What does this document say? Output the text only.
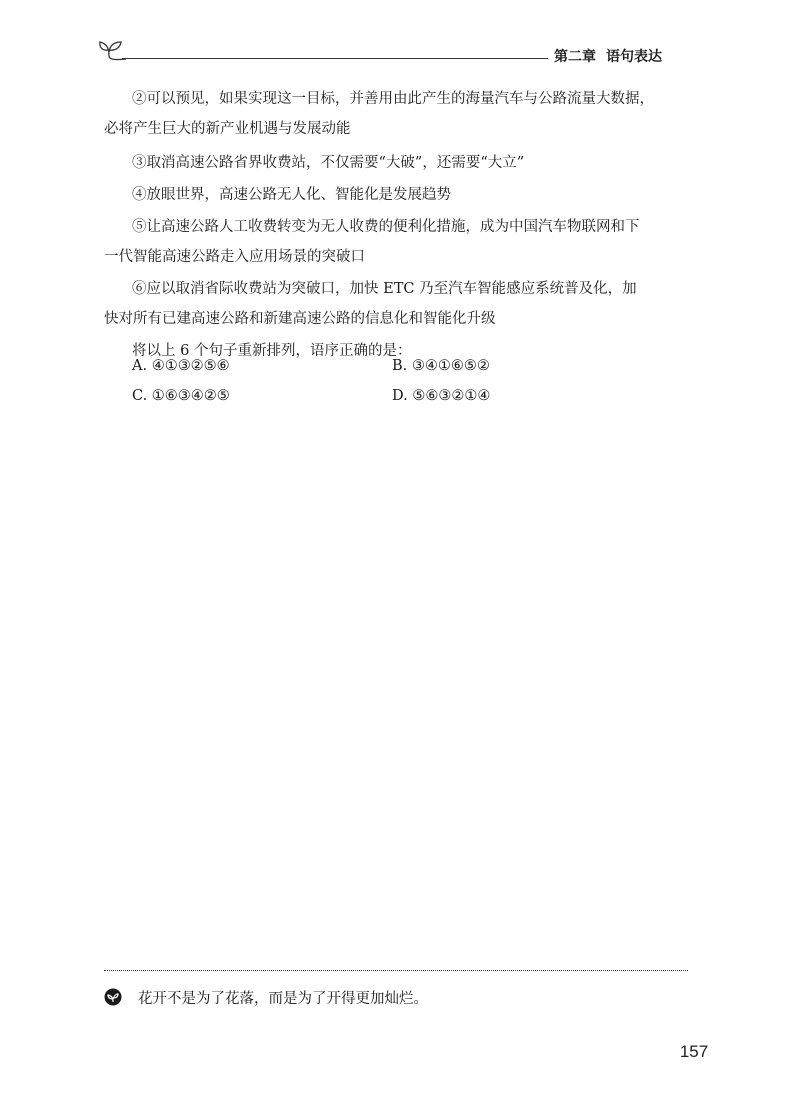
第二章 语句表达
②可以预见，如果实现这一目标，并善用由此产生的海量汽车与公路流量大数据，
必将产生巨大的新产业机遇与发展动能
③取消高速公路省界收费站，不仅需要“大破”，还需要“大立”
④放眼世界，高速公路无人化、智能化是发展趋势
⑤让高速公路人工收费转变为无人收费的便利化措施，成为中国汽车物联网和下
一代智能高速公路走入应用场景的突破口
⑥应以取消省际收费站为突破口，加快 ETC 乃至汽车智能感应系统普及化，加
快对所有已建高速公路和新建高速公路的信息化和智能化升级
将以上 6 个句子重新排列，语序正确的是：
A. ④①③②⑤⑥	B. ③④①⑥⑤②
C. ①⑥③④②⑤	D. ⑤⑥③②①④
花开不是为了花落，而是为了开得更加灿烂。
157
